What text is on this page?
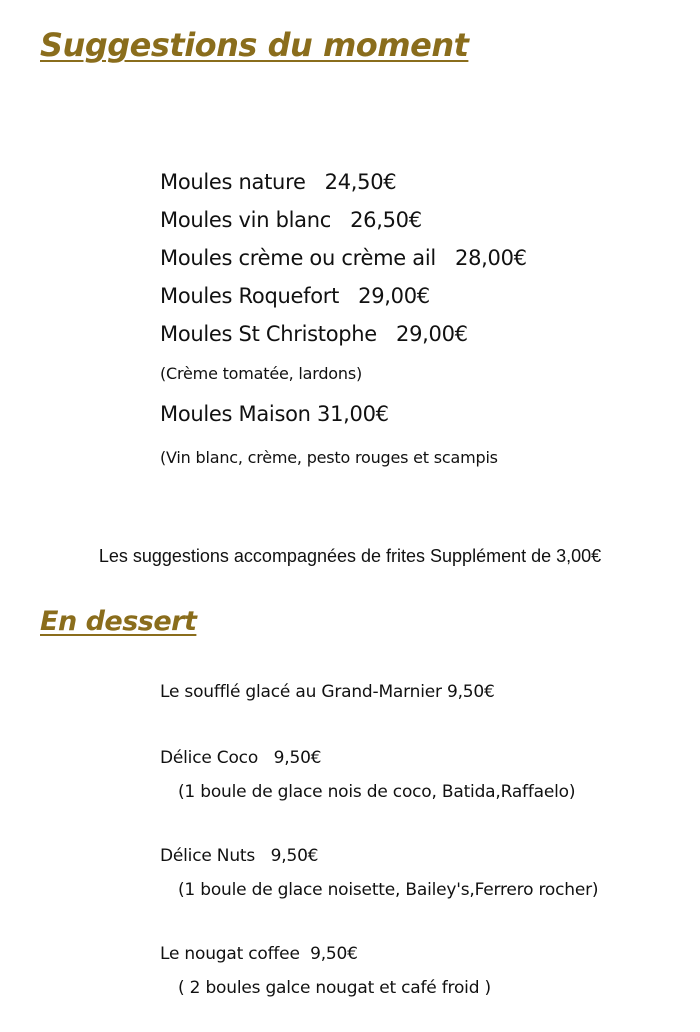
Suggestions du moment

Moules nature   24,50€

Moules vin blanc   26,50€

Moules crème ou crème ail   28,00€

Moules Roquefort   29,00€

Moules St Christophe   29,00€

(Crème tomatée, lardons)

Moules Maison 31,00€

(Vin blanc, crème, pesto rouges et scampis

Les suggestions accompagnées de frites Supplément de 3,00€

En dessert

Le soufflé glacé au Grand-Marnier 9,50€

Délice Coco   9,50€

(1 boule de glace nois de coco, Batida,Raffaelo)

Délice Nuts   9,50€

(1 boule de glace noisette, Bailey's,Ferrero rocher)

Le nougat coffee  9,50€

( 2 boules galce nougat et café froid )
